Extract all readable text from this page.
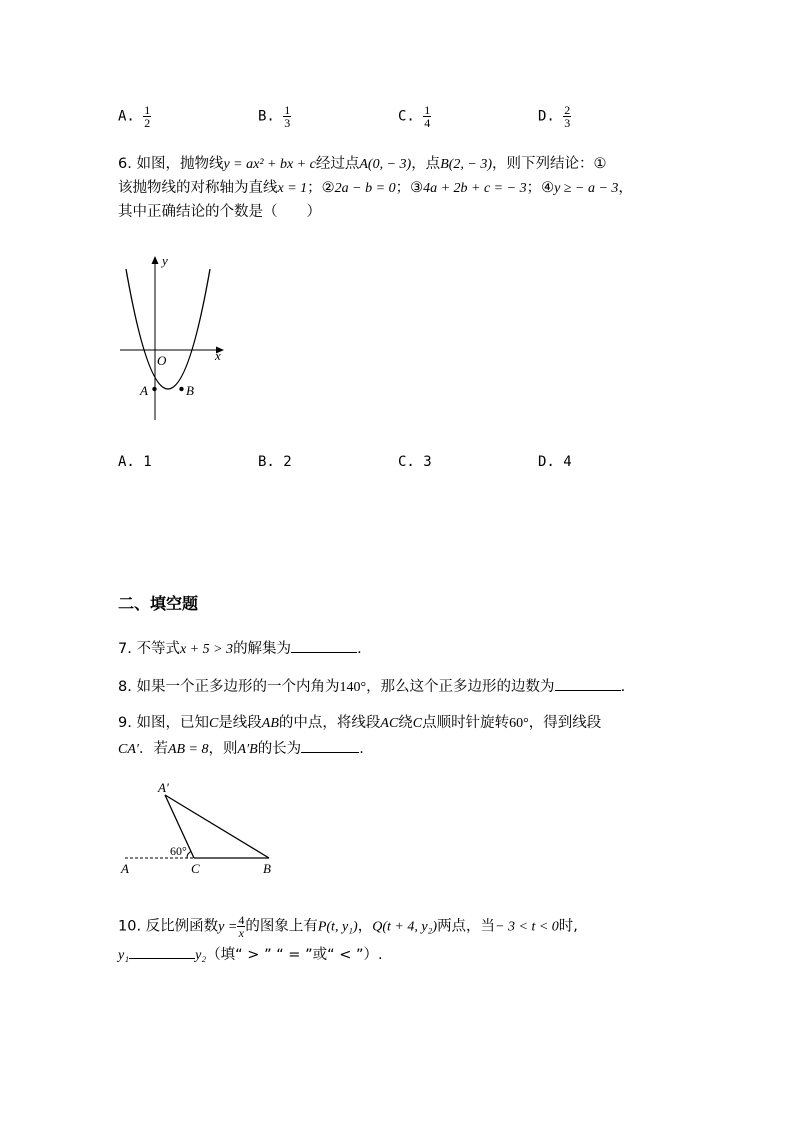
A. $\frac{1}{2}$	B. $\frac{1}{3}$	C. $\frac{1}{4}$	D. $\frac{2}{3}$
6. 如图，抛物线y = ax² + bx + c经过点A(0, − 3)，点B(2, − 3)，则下列结论：①
该抛物线的对称轴为直线x = 1；②2a − b = 0；③4a + 2b + c = − 3；④y ≥ − a − 3，
其中正确结论的个数是（　　）
y
x
O
A	B
A. 1	B. 2	C. 3	D. 4
二、填空题
7. 不等式x + 5 > 3的解集为	.
8. 如果一个正多边形的一个内角为140°，那么这个正多边形的边数为	.
9. 如图，已知C是线段AB的中点，将线段AC绕C点顺时针旋转60°，得到线段
CA′．若AB = 8，则A′B的长为	.
A′
60°
A	C	B
10. 反比例函数$y = \frac{4}{x}$ 的图象上有P(t, y₁)，Q(t + 4, y₂)两点，当− 3 < t < 0时,
y₁	y₂（填“ > ” “ = ”或“ < ”）.
